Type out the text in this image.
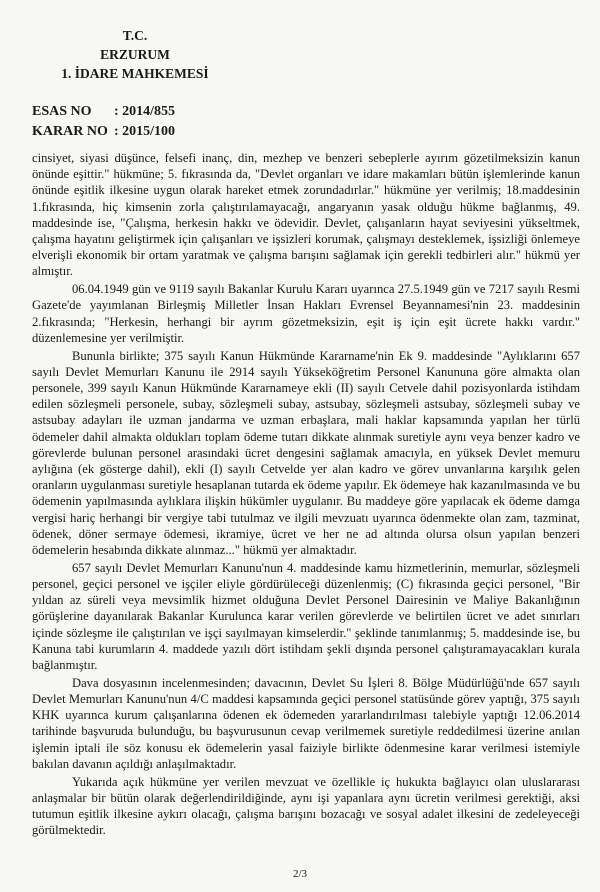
T.C.
ERZURUM
1. İDARE MAHKEMESİ
ESAS NO	: 2014/855
KARAR NO : 2015/100

cinsiyet, siyasi düşünce, felsefi inanç, din, mezhep ve benzeri sebeplerle ayırım gözetilmeksizin kanun önünde eşittir." hükmüne; 5. fıkrasında da, "Devlet organları ve idare makamları bütün işlemlerinde kanun önünde eşitlik ilkesine uygun olarak hareket etmek zorundadırlar." hükmüne yer verilmiş; 18.maddesinin 1.fıkrasında, hiç kimsenin zorla çalıştırılamayacağı, angaryanın yasak olduğu hükme bağlanmış, 49. maddesinde ise, "Çalışma, herkesin hakkı ve ödevidir. Devlet, çalışanların hayat seviyesini yükseltmek, çalışma hayatını geliştirmek için çalışanları ve işsizleri korumak, çalışmayı desteklemek, işsizliği önlemeye elverişli ekonomik bir ortam yaratmak ve çalışma barışını sağlamak için gerekli tedbirleri alır." hükmü yer almıştır.

06.04.1949 gün ve 9119 sayılı Bakanlar Kurulu Kararı uyarınca 27.5.1949 gün ve 7217 sayılı Resmi Gazete'de yayımlanan Birleşmiş Milletler İnsan Hakları Evrensel Beyannamesi'nin 23. maddesinin 2.fıkrasında; "Herkesin, herhangi bir ayrım gözetmeksizin, eşit iş için eşit ücrete hakkı vardır." düzenlemesine yer verilmiştir.

Bununla birlikte; 375 sayılı Kanun Hükmünde Kararname'nin Ek 9. maddesinde "Aylıklarını 657 sayılı Devlet Memurları Kanunu ile 2914 sayılı Yükseköğretim Personel Kanununa göre almakta olan personele, 399 sayılı Kanun Hükmünde Kararnameye ekli (II) sayılı Cetvele dahil pozisyonlarda istihdam edilen sözleşmeli personele, subay, sözleşmeli subay, astsubay, sözleşmeli astsubay, sözleşmeli subay ve astsubay adayları ile uzman jandarma ve uzman erbaşlara, mali haklar kapsamında yapılan her türlü ödemeler dahil almakta oldukları toplam ödeme tutarı dikkate alınmak suretiyle aynı veya benzer kadro ve görevlerde bulunan personel arasındaki ücret dengesini sağlamak amacıyla, en yüksek Devlet memuru aylığına (ek gösterge dahil), ekli (I) sayılı Cetvelde yer alan kadro ve görev unvanlarına karşılık gelen oranların uygulanması suretiyle hesaplanan tutarda ek ödeme yapılır. Ek ödemeye hak kazanılmasında ve bu ödemenin yapılmasında aylıklara ilişkin hükümler uygulanır. Bu maddeye göre yapılacak ek ödeme damga vergisi hariç herhangi bir vergiye tabi tutulmaz ve ilgili mevzuatı uyarınca ödenmekte olan zam, tazminat, ödenek, döner sermaye ödemesi, ikramiye, ücret ve her ne ad altında olursa olsun yapılan benzeri ödemelerin hesabında dikkate alınmaz..." hükmü yer almaktadır.

657 sayılı Devlet Memurları Kanunu'nun 4. maddesinde kamu hizmetlerinin, memurlar, sözleşmeli personel, geçici personel ve işçiler eliyle gördürüleceği düzenlenmiş; (C) fıkrasında geçici personel, "Bir yıldan az süreli veya mevsimlik hizmet olduğuna Devlet Personel Dairesinin ve Maliye Bakanlığının görüşlerine dayanılarak Bakanlar Kurulunca karar verilen görevlerde ve belirtilen ücret ve adet sınırları içinde sözleşme ile çalıştırılan ve işçi sayılmayan kimselerdir." şeklinde tanımlanmış; 5. maddesinde ise, bu Kanuna tabi kurumların 4. maddede yazılı dört istihdam şekli dışında personel çalıştıramayacakları kurala bağlanmıştır.

Dava dosyasının incelenmesinden; davacının, Devlet Su İşleri 8. Bölge Müdürlüğü'nde 657 sayılı Devlet Memurları Kanunu'nun 4/C maddesi kapsamında geçici personel statüsünde görev yaptığı, 375 sayılı KHK uyarınca kurum çalışanlarına ödenen ek ödemeden yararlandırılması talebiyle yaptığı 12.06.2014 tarihinde başvuruda bulunduğu, bu başvurusunun cevap verilmemek suretiyle reddedilmesi üzerine anılan işlemin iptali ile söz konusu ek ödemelerin yasal faiziyle birlikte ödenmesine karar verilmesi istemiyle bakılan davanın açıldığı anlaşılmaktadır.

Yukarıda açık hükmüne yer verilen mevzuat ve özellikle iç hukukta bağlayıcı olan uluslararası anlaşmalar bir bütün olarak değerlendirildiğinde, aynı işi yapanlara aynı ücretin verilmesi gerektiği, aksi tutumun eşitlik ilkesine aykırı olacağı, çalışma barışını bozacağı ve sosyal adalet ilkesini de zedeleyeceği görülmektedir.

2/3
